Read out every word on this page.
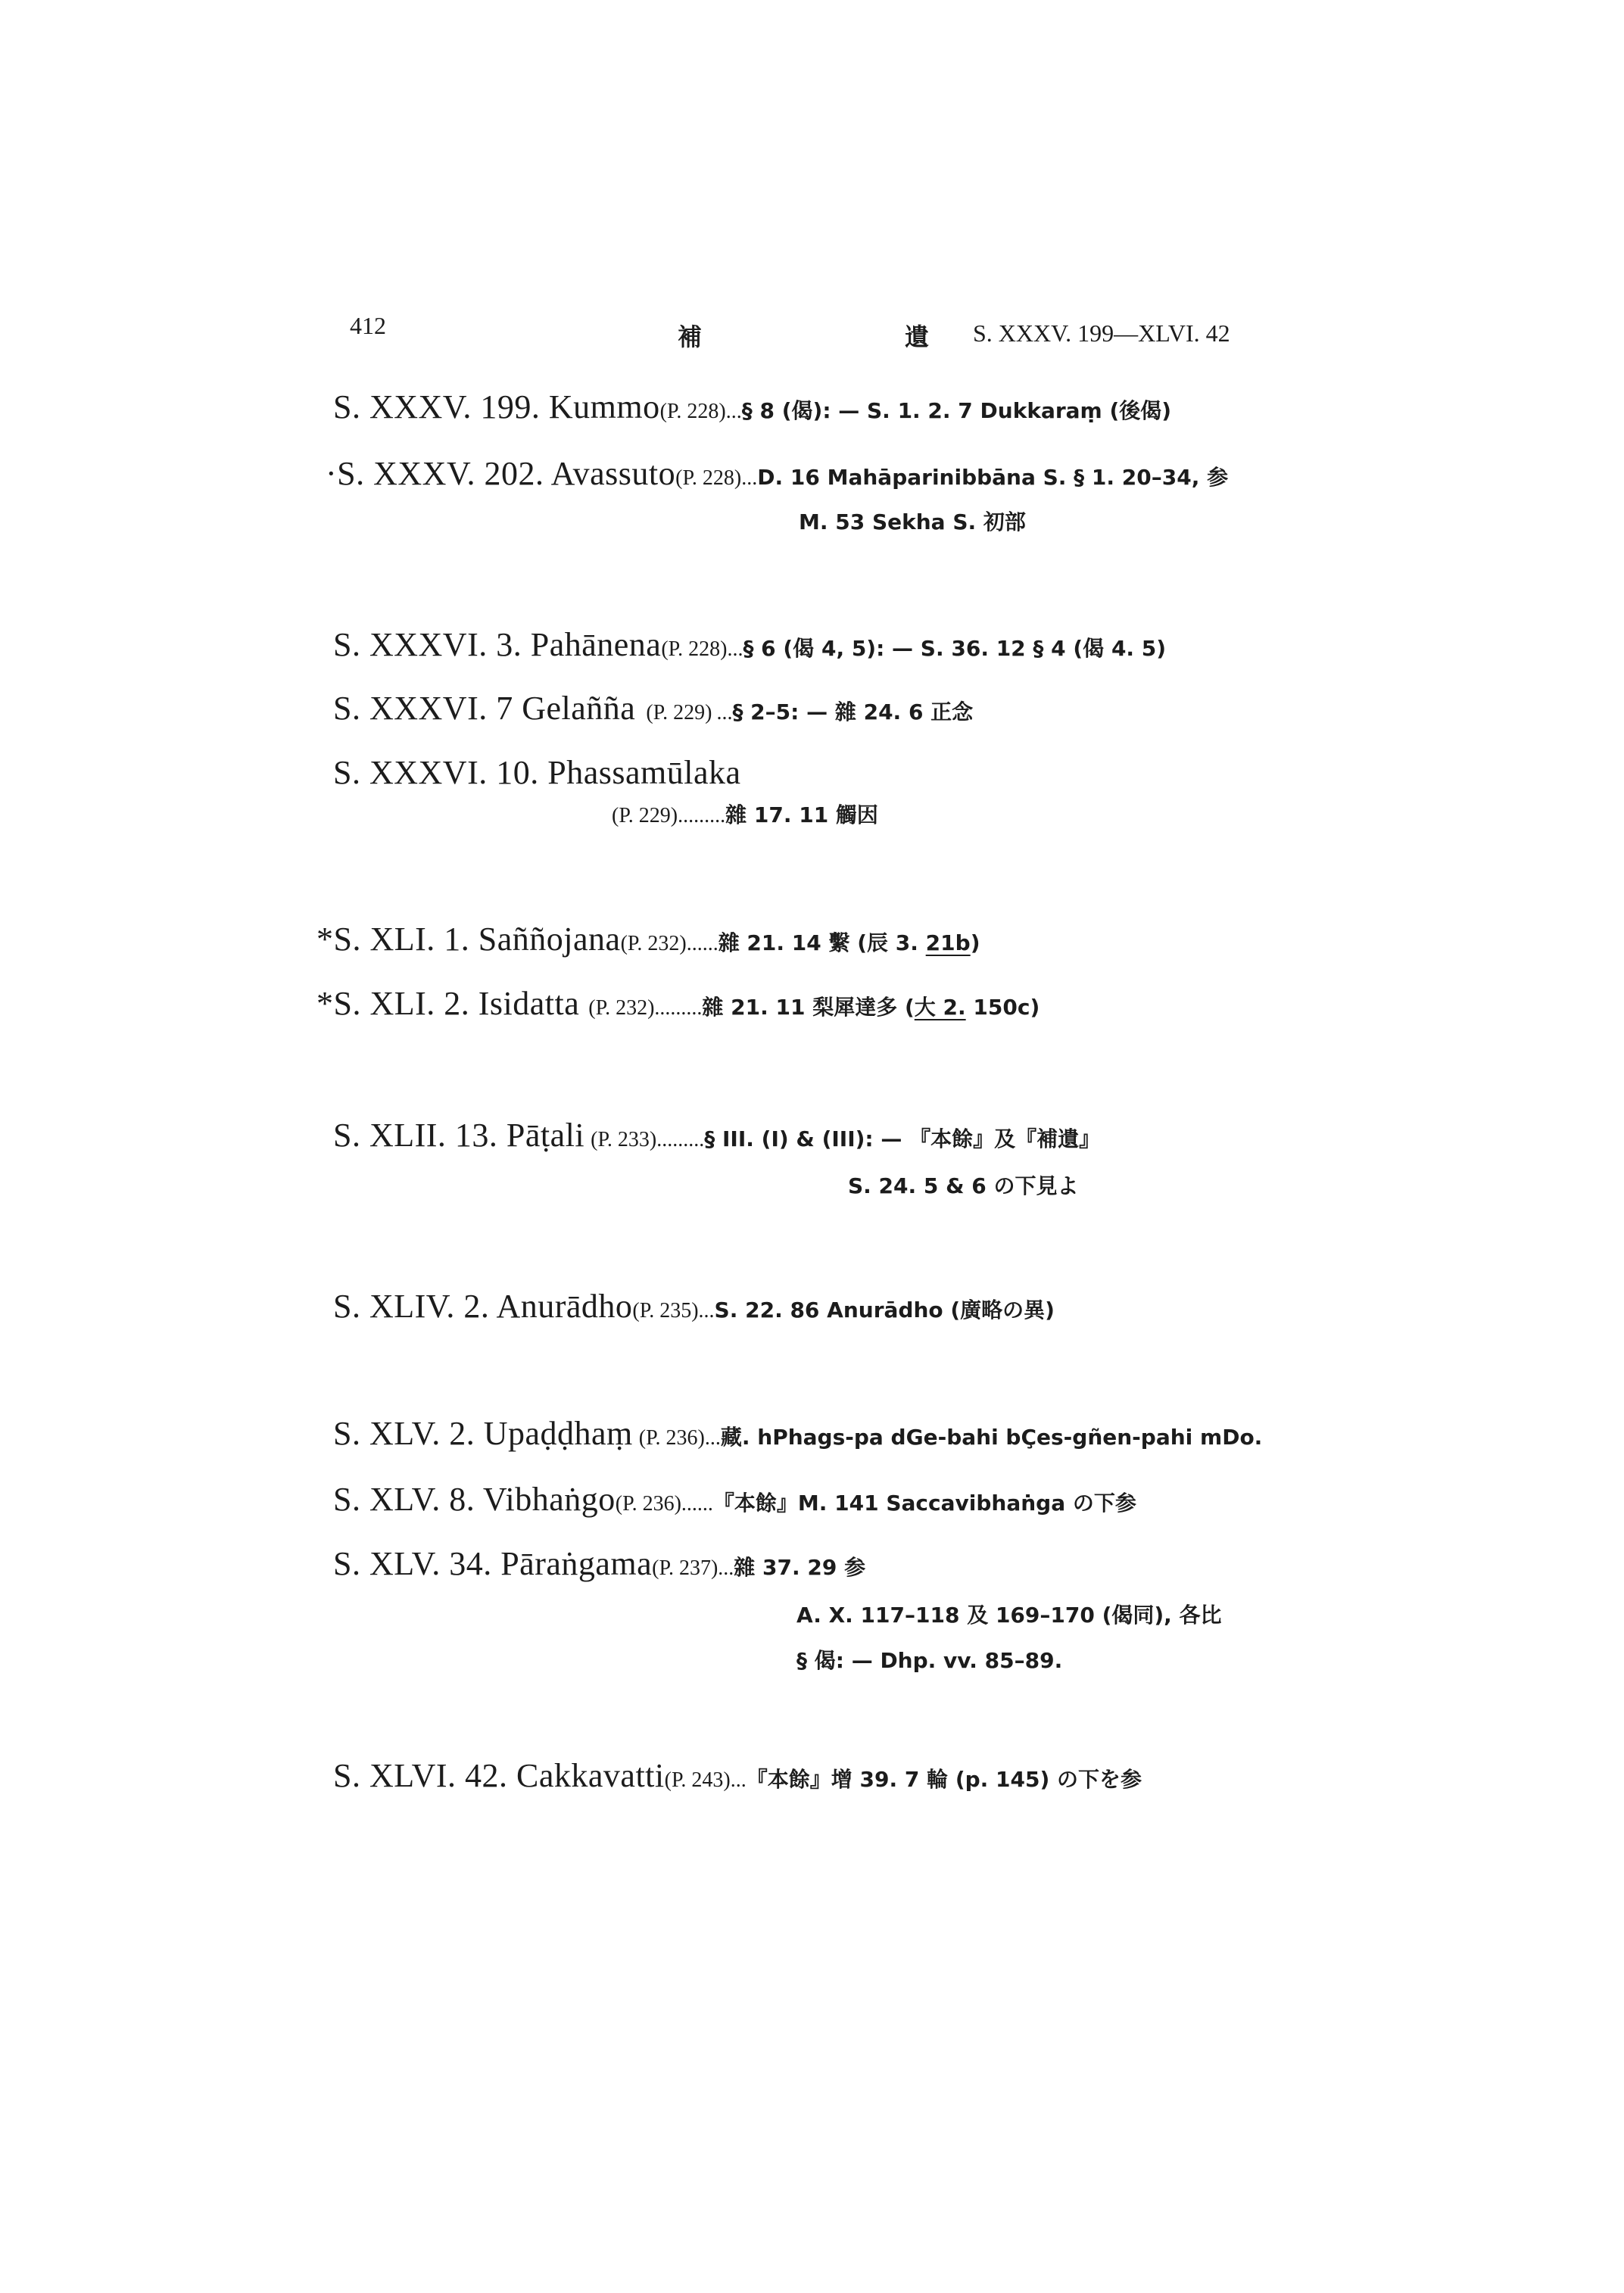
412	補	遺 S. XXXV. 199—XLVI. 42
S. XXXV. 199. Kummo (P. 228) ... § 8 (偈): — S. 1. 2. 7 Dukkaraṃ (後偈)
· S. XXXV. 202. Avassuto (P. 228) ... D. 16 Mahāparinibbāna S. § 1. 20–34, 参
M. 53 Sekha S. 初部
S. XXXVI. 3. Pahānena (P. 228) ... § 6 (偈 4, 5): — S. 36. 12 § 4 (偈 4. 5)
S. XXXVI. 7 Gelañña (P. 229) ... § 2–5: — 雜 24. 6 正念
S. XXXVI. 10. Phassamūlaka
(P. 229) ......... 雜 17. 11 觸因
* S. XLI. 1. Saññojana (P. 232) ...... 雜 21. 14 繫 (辰 3. 21b )
* S. XLI. 2. Isidatta (P. 232) ......... 雜 21. 11 梨犀達多 ( 大 2. 150c)
S. XLII. 13. Pāṭali (P. 233) ......... § III. (I) & (III): — 『本餘』及『補遺』
S. 24. 5 & 6 の下見よ
S. XLIV. 2. Anurādho (P. 235) ... S. 22. 86 Anurādho (廣略の異)
S. XLV. 2. Upaḍḍhaṃ (P. 236) ... 藏. hPhags-pa dGe-bahi bÇes-gñen-pahi mDo.
S. XLV. 8. Vibhaṅgo (P. 236) ...... 『本餘』M. 141 Saccavibhaṅga の下参
S. XLV. 34. Pāraṅgama (P. 237) ... 雜 37. 29 参
A. X. 117–118 及 169–170 (偈同), 各比
§ 偈: — Dhp. vv. 85–89.
S. XLVI. 42. Cakkavatti (P. 243) ... 『本餘』增 39. 7 輪 (p. 145) の下を参
